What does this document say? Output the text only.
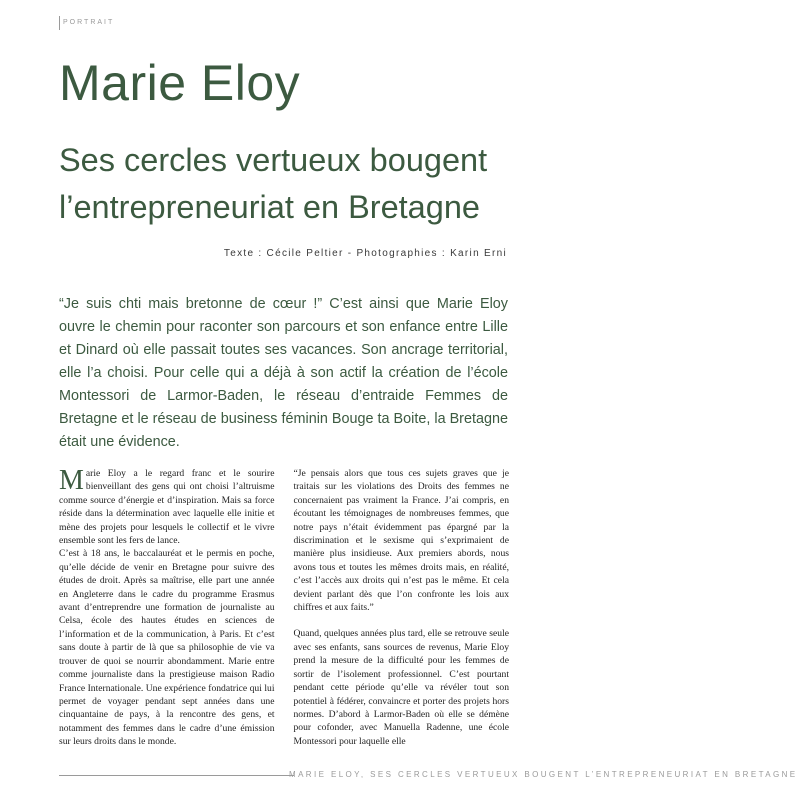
PORTRAIT
Marie Eloy
Ses cercles vertueux bougent
l’entrepreneuriat en Bretagne
Texte : Cécile Peltier - Photographies : Karin Erni

“Je suis chti mais bretonne de cœur !” C’est ainsi que Marie Eloy ouvre le chemin pour raconter son parcours et son enfance entre Lille et Dinard où elle passait toutes ses vacances. Son ancrage territorial, elle l’a choisi. Pour celle qui a déjà à son actif la création de l’école Montessori de Larmor-Baden, le réseau d’entraide Femmes de Bretagne et le réseau de business féminin Bouge ta Boite, la Bretagne était une évidence.

Marie Eloy a le regard franc et le sourire bienveillant des gens qui ont choisi l’altruisme comme source d’énergie et d’inspiration. Mais sa force réside dans la détermination avec laquelle elle initie et mène des projets pour lesquels le collectif et le vivre ensemble sont les fers de lance.

C’est à 18 ans, le baccalauréat et le permis en poche, qu’elle décide de venir en Bretagne pour suivre des études de droit. Après sa maîtrise, elle part une année en Angleterre dans le cadre du programme Erasmus avant d’entreprendre une formation de journaliste au Celsa, école des hautes études en sciences de l’information et de la communication, à Paris. Et c’est sans doute à partir de là que sa philosophie de vie va trouver de quoi se nourrir abondamment. Marie entre comme journaliste dans la prestigieuse maison Radio France Internationale. Une expérience fondatrice qui lui permet de voyager pendant sept années dans une cinquantaine de pays, à la rencontre des gens, et notamment des femmes dans le cadre d’une émission sur leurs droits dans le monde.

“Je pensais alors que tous ces sujets graves que je traitais sur les violations des Droits des femmes ne concernaient pas vraiment la France. J’ai compris, en écoutant les témoignages de nombreuses femmes, que notre pays n’était évidemment pas épargné par la discrimination et le sexisme qui s’exprimaient de manière plus insidieuse. Aux premiers abords, nous avons tous et toutes les mêmes droits mais, en réalité, c’est l’accès aux droits qui n’est pas le même. Et cela devient parlant dès que l’on confronte les lois aux chiffres et aux faits.”

Quand, quelques années plus tard, elle se retrouve seule avec ses enfants, sans sources de revenus, Marie Eloy prend la mesure de la difficulté pour les femmes de sortir de l’isolement professionnel. C’est pourtant pendant cette période qu’elle va révéler tout son potentiel à fédérer, convaincre et porter des projets hors normes. D’abord à Larmor-Baden où elle se démène pour cofonder, avec Manuella Radenne, une école Montessori pour laquelle elle

MARIE ELOY, SES CERCLES VERTUEUX BOUGENT L’ENTREPRENEURIAT EN BRETAGNE
